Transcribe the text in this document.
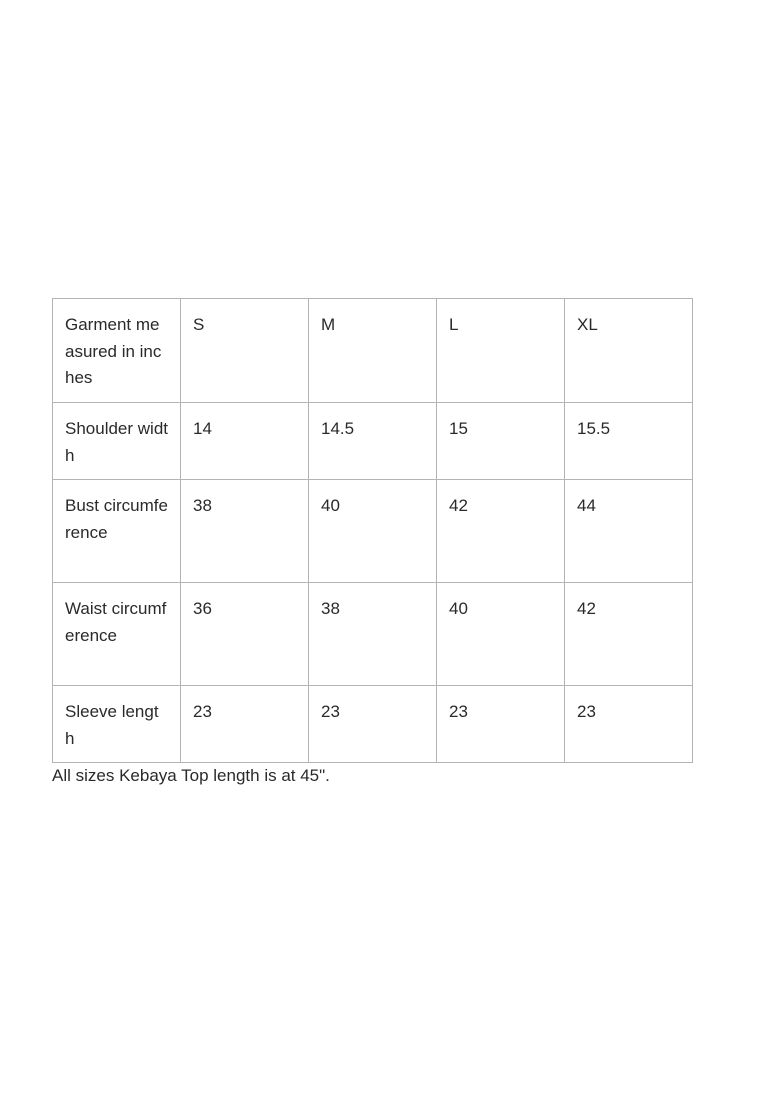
Garment measured in inches	S	M	L	XL
Shoulder width	14	14.5	15	15.5
Bust circumference	38	40	42	44
Waist circumference	36	38	40	42
Sleeve length	23	23	23	23

All sizes Kebaya Top length is at 45".
